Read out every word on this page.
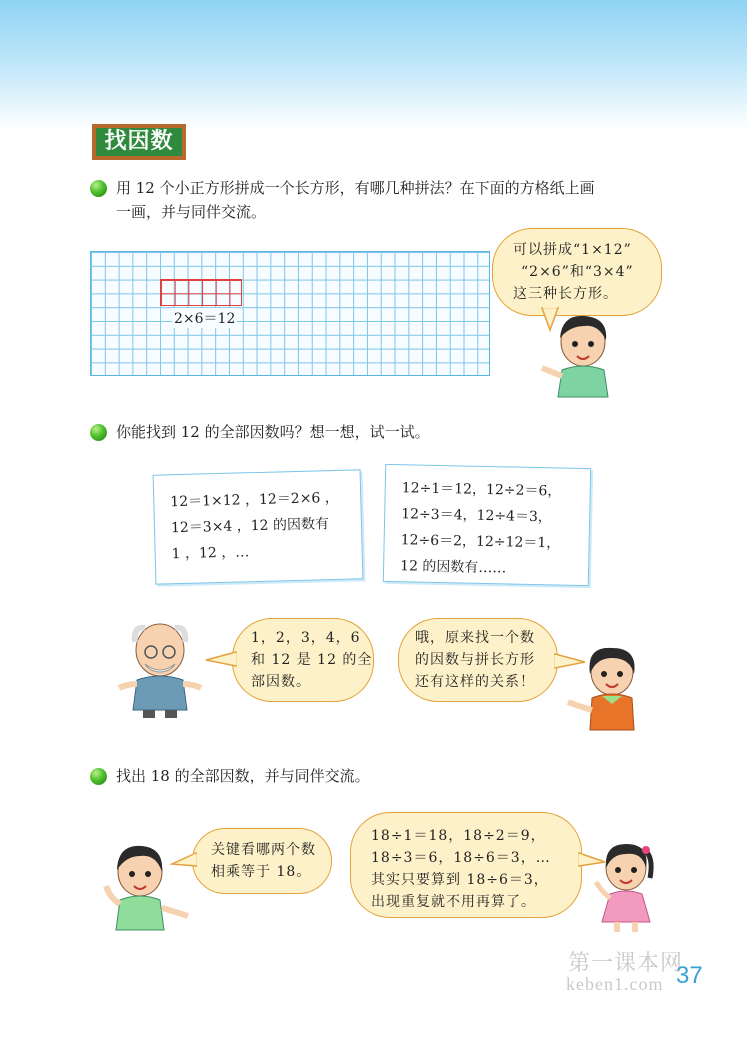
找因数
用 12 个小正方形拼成一个长方形，有哪几种拼法？在下面的方格纸上画
一画，并与同伴交流。
2×6＝12
可以拼成“1×12”
“2×6”和“3×4”
这三种长方形。
你能找到 12 的全部因数吗？想一想，试一试。
12＝1×12 ，12＝2×6 ，
12＝3×4 ，12 的因数有
1 ，12 ，…
12÷1＝12，12÷2＝6，
12÷3＝4，12÷4＝3，
12÷6＝2，12÷12＝1，
12 的因数有……
1，2，3，4，6
和 12 是 12 的全
部因数。
哦，原来找一个数
的因数与拼长方形
还有这样的关系！
找出 18 的全部因数，并与同伴交流。
关键看哪两个数
相乘等于 18。
18÷1＝18，18÷2＝9，
18÷3＝6，18÷6＝3，…
其实只要算到 18÷6＝3，
出现重复就不用再算了。
第一课本网
keben1.com 37
